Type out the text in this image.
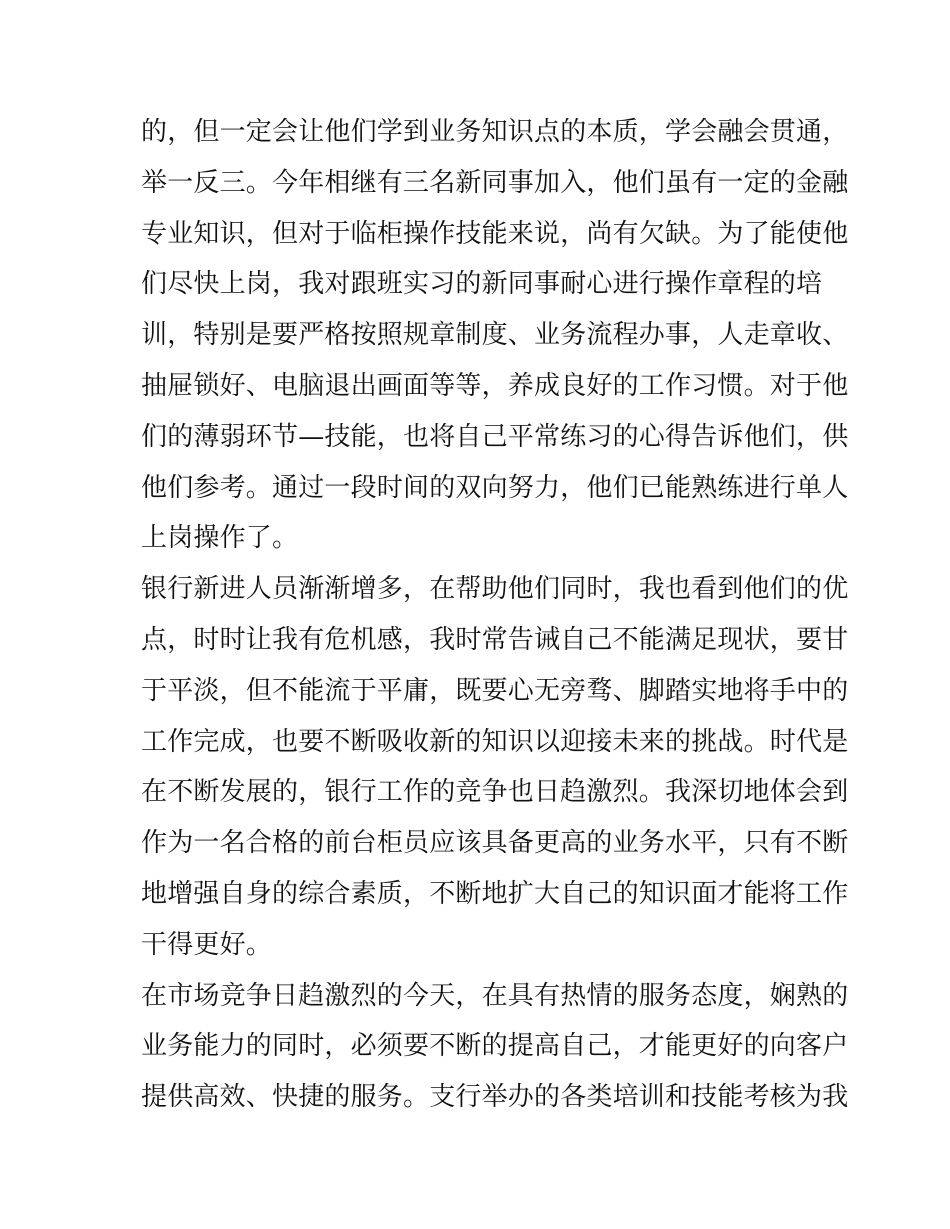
的，但一定会让他们学到业务知识点的本质，学会融会贯通，
举一反三。今年相继有三名新同事加入，他们虽有一定的金融
专业知识，但对于临柜操作技能来说，尚有欠缺。为了能使他
们尽快上岗，我对跟班实习的新同事耐心进行操作章程的培
训，特别是要严格按照规章制度、业务流程办事，人走章收、
抽屉锁好、电脑退出画面等等，养成良好的工作习惯。对于他
们的薄弱环节—技能，也将自己平常练习的心得告诉他们，供
他们参考。通过一段时间的双向努力，他们已能熟练进行单人
上岗操作了。
银行新进人员渐渐增多，在帮助他们同时，我也看到他们的优
点，时时让我有危机感，我时常告诫自己不能满足现状，要甘
于平淡，但不能流于平庸，既要心无旁骛、脚踏实地将手中的
工作完成，也要不断吸收新的知识以迎接未来的挑战。时代是
在不断发展的，银行工作的竞争也日趋激烈。我深切地体会到
作为一名合格的前台柜员应该具备更高的业务水平，只有不断
地增强自身的综合素质，不断地扩大自己的知识面才能将工作
干得更好。
在市场竞争日趋激烈的今天，在具有热情的服务态度，娴熟的
业务能力的同时，必须要不断的提高自己，才能更好的向客户
提供高效、快捷的服务。支行举办的各类培训和技能考核为我
